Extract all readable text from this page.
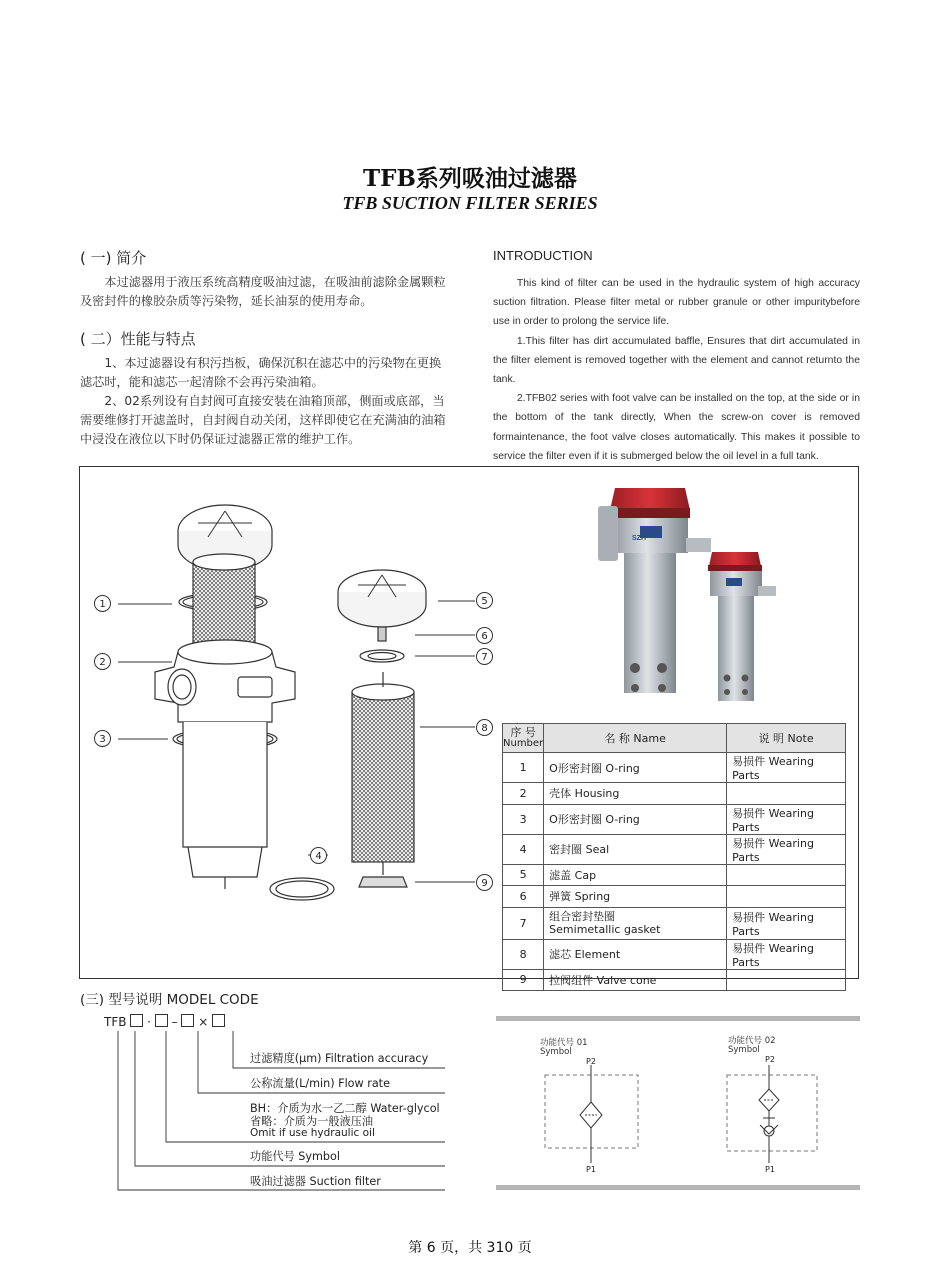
TFB系列吸油过滤器
TFB SUCTION FILTER SERIES
( 一) 简介

本过滤器用于液压系统高精度吸油过滤，在吸油前滤除金属颗粒及密封件的橡胶杂质等污染物，延长油泵的使用寿命。

( 二）性能与特点

1、本过滤器设有积污挡板，确保沉积在滤芯中的污染物在更换滤芯时，能和滤芯一起清除不会再污染油箱。

2、02系列设有自封阀可直接安装在油箱顶部，侧面或底部，当需要维修打开滤盖时，自封阀自动关闭，这样即使它在充满油的油箱中浸没在液位以下时仍保证过滤器正常的维护工作。

INTRODUCTION

This kind of filter can be used in the hydraulic system of high accuracy suction filtration. Please filter metal or rubber granule or other impuritybefore use in order to prolong the service life.

1.This filter has dirt accumulated baffle, Ensures that dirt accumulated in the filter element is removed together with the element and cannot returnto the tank.

2.TFB02 series with foot valve can be installed on the top, at the side or in the bottom of the tank directly, When the screw-on cover is removed formaintenance, the foot valve closes automatically. This makes it possible to service the filter even if it is submerged below the oil level in a full tank.

1
2
3
4
5
6
7
8
9
SZH
序 号
Number	名 称 Name	说 明 Note
1	O形密封圈 O-ring	易损件 Wearing Parts
2	壳体 Housing	
3	O形密封圈 O-ring	易损件 Wearing Parts
4	密封圈 Seal	易损件 Wearing Parts
5	滤盖 Cap	
6	弹簧 Spring	
7	组合密封垫圈
Semimetallic gasket	易损件 Wearing Parts
8	滤芯 Element	易损件 Wearing Parts
9	拉阀组件 Valve cone	
(三) 型号说明 MODEL CODE
TFB · – ×
过滤精度(μm) Filtration accuracy
公称流量(L/min) Flow rate
BH：介质为水一乙二醇 Water-glycol
省略：介质为一般液压油
Omit if use hydraulic oil
功能代号 Symbol
吸油过滤器 Suction filter
功能代号 01
Symbol
功能代号 02
Symbol
P2
P1
P2
P1
第 6 页，共 310 页
